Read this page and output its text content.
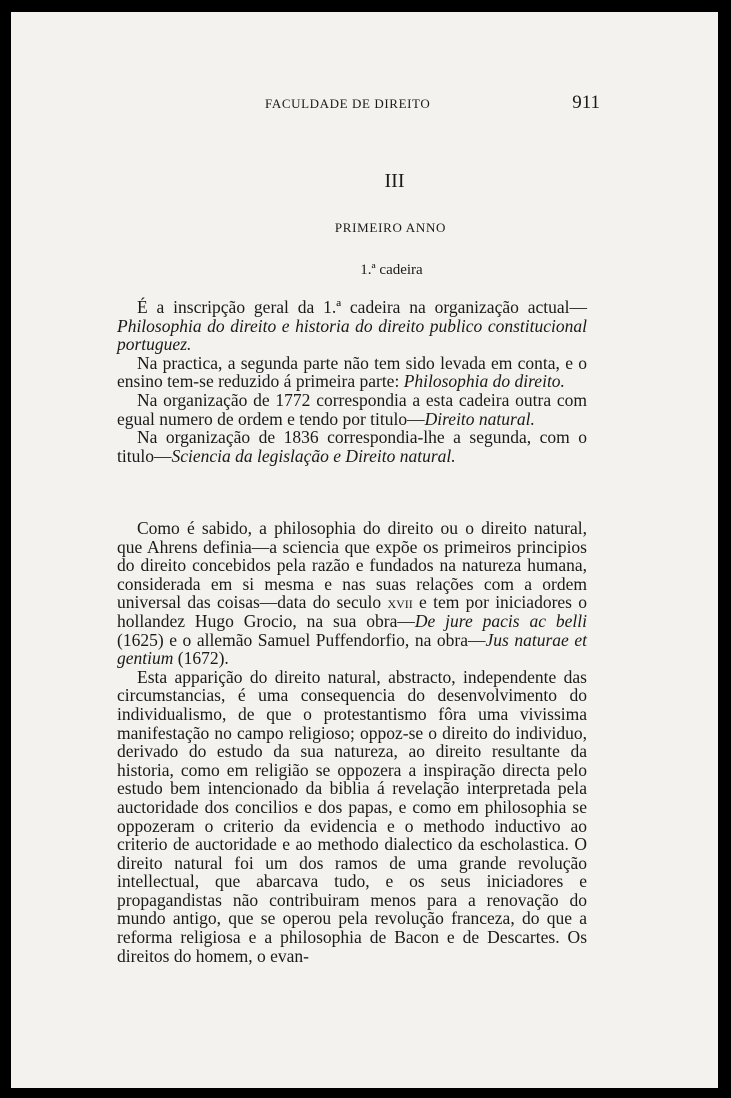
FACULDADE DE DIREITO	911
III
PRIMEIRO ANNO
1.ª cadeira

É a inscripção geral da 1.ª cadeira na organização actual—Philosophia do direito e historia do direito publico constitucional portuguez.

Na practica, a segunda parte não tem sido levada em conta, e o ensino tem-se reduzido á primeira parte: Philosophia do direito.

Na organização de 1772 correspondia a esta cadeira outra com egual numero de ordem e tendo por titulo—Direito natural.

Na organização de 1836 correspondia-lhe a segunda, com o titulo—Sciencia da legislação e Direito natural.

Como é sabido, a philosophia do direito ou o direito natural, que Ahrens definia—a sciencia que expõe os primeiros principios do direito concebidos pela razão e fundados na natureza humana, considerada em si mesma e nas suas relações com a ordem universal das coisas—data do seculo xvii e tem por iniciadores o hollandez Hugo Grocio, na sua obra—De jure pacis ac belli (1625) e o allemão Samuel Puffendorfio, na obra—Jus naturae et gentium (1672).

Esta apparição do direito natural, abstracto, independente das circumstancias, é uma consequencia do desenvolvimento do individualismo, de que o protestantismo fôra uma vivissima manifestação no campo religioso; oppoz-se o direito do individuo, derivado do estudo da sua natureza, ao direito resultante da historia, como em religião se oppozera a inspiração directa pelo estudo bem intencionado da biblia á revelação interpretada pela auctoridade dos concilios e dos papas, e como em philosophia se oppozeram o criterio da evidencia e o methodo inductivo ao criterio de auctoridade e ao methodo dialectico da escholastica. O direito natural foi um dos ramos de uma grande revolução intellectual, que abarcava tudo, e os seus iniciadores e propagandistas não contribuiram menos para a renovação do mundo antigo, que se operou pela revolução franceza, do que a reforma religiosa e a philosophia de Bacon e de Descartes. Os direitos do homem, o evan-
